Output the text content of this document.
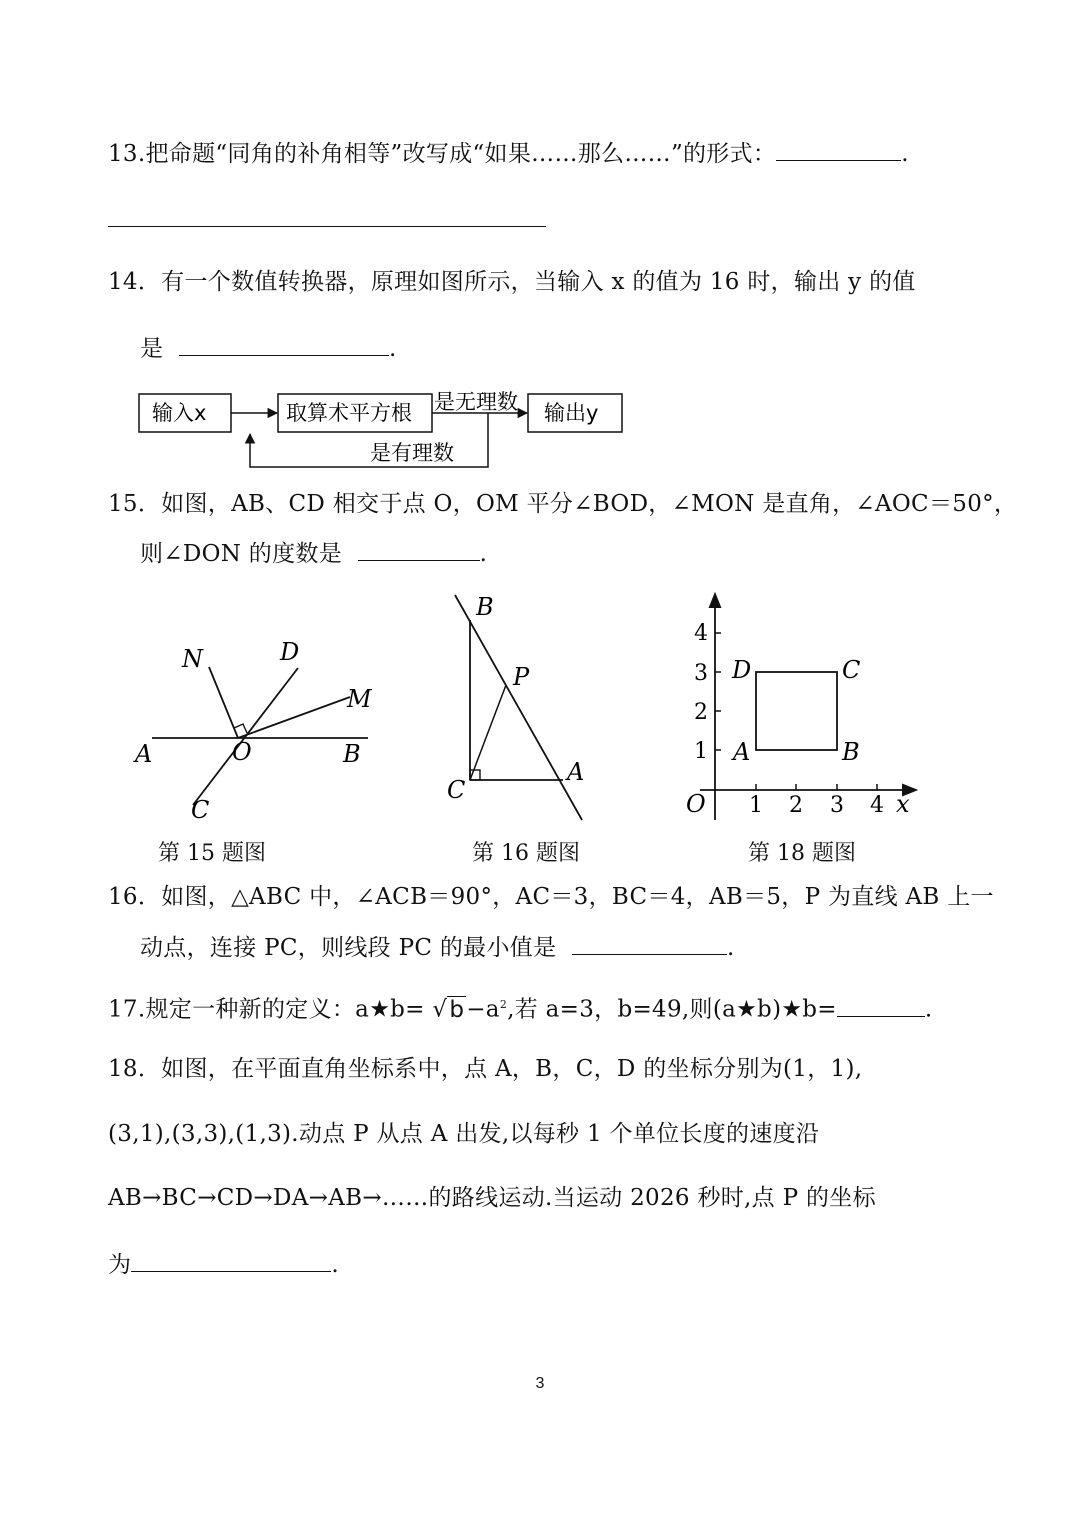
13.把命题“同角的补角相等”改写成“如果……那么……”的形式：	.
14．有一个数值转换器，原理如图所示，当输入 x 的值为 16 时，输出 y 的值
是	.
输入x	取算术平方根 是无理数 输出y
是有理数
15．如图，AB、CD 相交于点 O，OM 平分∠BOD，∠MON 是直角，∠AOC＝50°，
则∠DON 的度数是	.
N	D
M
A	O	B
C
第 15 题图
B
P
C
A
第 16 题图
4
3
2
1
1 2 3 4
O	x
D	C
A	B
第 18 题图
16．如图，△ABC 中，∠ACB＝90°，AC＝3，BC＝4，AB＝5，P 为直线 AB 上一
动点，连接 PC，则线段 PC 的最小值是	.
17.规定一种新的定义：a★b= $√b-a^2$,若 a=3，b=49,则(a★b)★b=	.
18．如图，在平面直角坐标系中，点 A，B，C，D 的坐标分别为(1，1),
(3,1),(3,3),(1,3).动点 P 从点 A 出发,以每秒 1 个单位长度的速度沿
AB→BC→CD→DA→AB→……的路线运动.当运动 2026 秒时,点 P 的坐标
为	.
3
